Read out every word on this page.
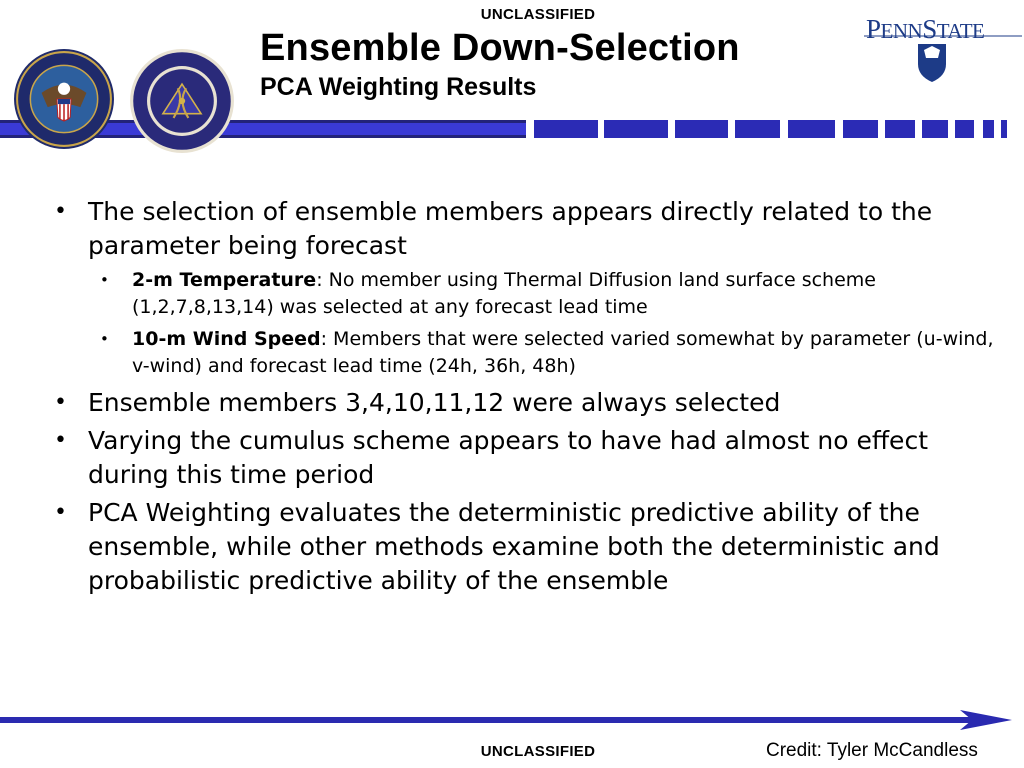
UNCLASSIFIED
Ensemble Down-Selection
PCA Weighting Results
PENNSTATE
• The selection of ensemble members appears directly related to the parameter being forecast
• 2-m Temperature: No member using Thermal Diffusion land surface scheme (1,2,7,8,13,14) was selected at any forecast lead time
• 10-m Wind Speed: Members that were selected varied somewhat by parameter (u-wind, v-wind) and forecast lead time (24h, 36h, 48h)
• Ensemble members 3,4,10,11,12 were always selected
• Varying the cumulus scheme appears to have had almost no effect during this time period
• PCA Weighting evaluates the deterministic predictive ability of the ensemble, while other methods examine both the deterministic and probabilistic predictive ability of the ensemble
UNCLASSIFIED	Credit: Tyler McCandless
